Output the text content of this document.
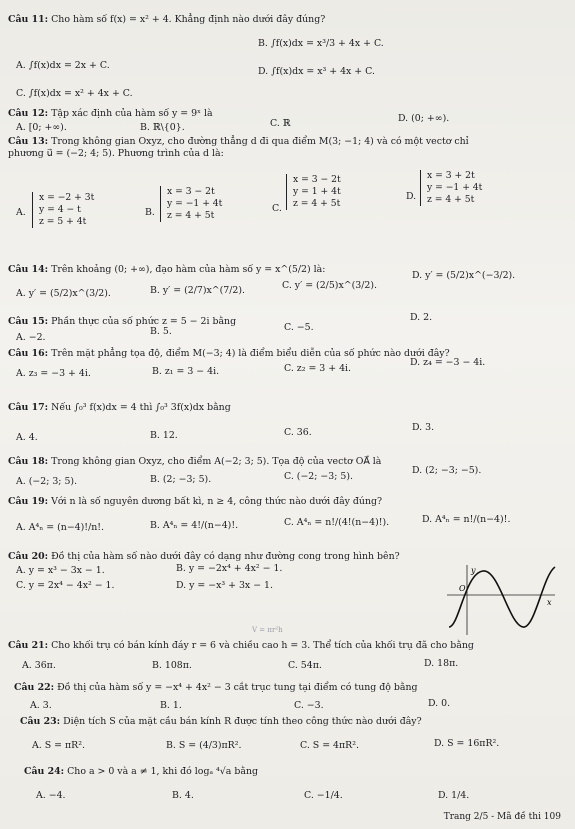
Câu 11: Cho hàm số f(x) = x² + 4. Khẳng định nào dưới đây đúng?
B. ∫f(x)dx = x³/3 + 4x + C.
A. ∫f(x)dx = 2x + C.
D. ∫f(x)dx = x³ + 4x + C.
C. ∫f(x)dx = x² + 4x + C.
Câu 12: Tập xác định của hàm số y = 9ˣ là
A. [0; +∞).	B. ℝ\{0}.	C. ℝ	D. (0; +∞).
Câu 13: Trong không gian Oxyz, cho đường thẳng d đi qua điểm M(3; −1; 4) và có một vectơ chỉ
phương u⃗ = (−2; 4; 5). Phương trình của d là:
A.
x = −2 + 3t
y = 4 − t
z = 5 + 4t
B.
x = 3 − 2t
y = −1 + 4t
z = 4 + 5t
C.
x = 3 − 2t
y = 1 + 4t
z = 4 + 5t
D.
x = 3 + 2t
y = −1 + 4t
z = 4 + 5t
Câu 14: Trên khoảng (0; +∞), đạo hàm của hàm số y = x^(5/2) là:
A. y′ = (5/2)x^(3/2).	B. y′ = (2/7)x^(7/2).	C. y′ = (2/5)x^(3/2).
D. y′ = (5/2)x^(−3/2).
Câu 15: Phần thực của số phức z = 5 − 2i bằng
A. −2.
B. 5.	C. −5.
D. 2.
Câu 16: Trên mặt phẳng tọa độ, điểm M(−3; 4) là điểm biểu diễn của số phức nào dưới đây?
A. z₃ = −3 + 4i.	B. z₁ = 3 − 4i.	C. z₂ = 3 + 4i.
D. z₄ = −3 − 4i.
Câu 17: Nếu ∫₀³ f(x)dx = 4 thì ∫₀³ 3f(x)dx bằng
A. 4.	B. 12.	C. 36.	D. 3.
Câu 18: Trong không gian Oxyz, cho điểm A(−2; 3; 5). Tọa độ của vectơ OA⃗ là
A. (−2; 3; 5).	B. (2; −3; 5).	C. (−2; −3; 5).
D. (2; −3; −5).
Câu 19: Với n là số nguyên dương bất kì, n ≥ 4, công thức nào dưới đây đúng?
A. A⁴ₙ = (n−4)!/n!.	B. A⁴ₙ = 4!/(n−4)!.	C. A⁴ₙ = n!/(4!(n−4)!).	D. A⁴ₙ = n!/(n−4)!.
Câu 20: Đồ thị của hàm số nào dưới đây có dạng như đường cong trong hình bên?
A. y = x³ − 3x − 1.	B. y = −2x⁴ + 4x² − 1.
C. y = 2x⁴ − 4x² − 1.	D. y = −x³ + 3x − 1.
y
O
x
V = πr²h
Câu 21: Cho khối trụ có bán kính đáy r = 6 và chiều cao h = 3. Thể tích của khối trụ đã cho bằng
A. 36π.	B. 108π.	C. 54π.	D. 18π.
Câu 22: Đồ thị của hàm số y = −x⁴ + 4x² − 3 cắt trục tung tại điểm có tung độ bằng
A. 3.	B. 1.	C. −3.	D. 0.
Câu 23: Diện tích S của mặt cầu bán kính R được tính theo công thức nào dưới đây?
A. S = πR².	B. S = (4/3)πR².	C. S = 4πR².	D. S = 16πR².
Câu 24: Cho a > 0 và a ≠ 1, khi đó logₐ ⁴√a bằng
A. −4.	B. 4.	C. −1/4.	D. 1/4.
Trang 2/5 - Mã đề thi 109
